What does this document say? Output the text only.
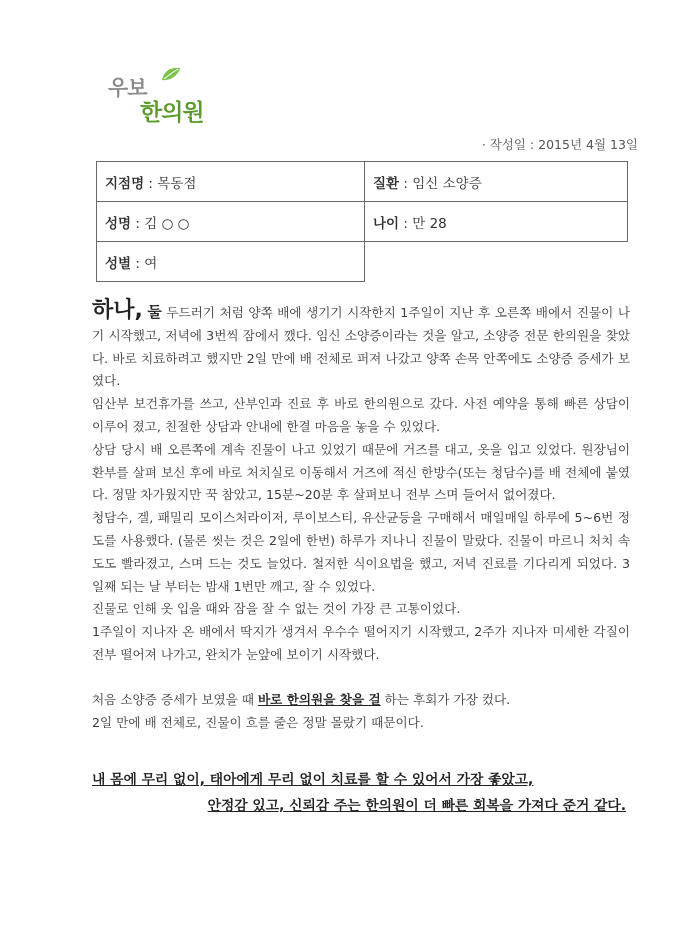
우보
한의원
· 작성일 : 2015년 4월 13일
지점명 : 목동점	질환 : 임신 소양증
성명 : 김 ○ ○	나이 : 만 28
성별 : 여	

하나, 둘 두드러기 처럼 양쪽 배에 생기기 시작한지 1주일이 지난 후 오른쪽 배에서 진물이 나기 시작했고, 저녁에 3번씩 잠에서 깼다. 임신 소양증이라는 것을 알고, 소양증 전문 한의원을 찾았다. 바로 치료하려고 했지만 2일 만에 배 전체로 퍼져 나갔고 양쪽 손목 안쪽에도 소양증 증세가 보였다.

임산부 보건휴가를 쓰고, 산부인과 진료 후 바로 한의원으로 갔다. 사전 예약을 통해 빠른 상담이 이루어 졌고, 친절한 상담과 안내에 한결 마음을 놓을 수 있었다.

상담 당시 배 오른쪽에 계속 진물이 나고 있었기 때문에 거즈를 대고, 옷을 입고 있었다. 원장님이 환부를 살펴 보신 후에 바로 처치실로 이동해서 거즈에 적신 한방수(또는 청담수)를 배 전체에 붙였다. 정말 차가웠지만 꾹 참았고, 15분~20분 후 살펴보니 전부 스며 들어서 없어졌다.

청담수, 겔, 패밀리 모이스처라이저, 루이보스티, 유산균등을 구매해서 매일매일 하루에 5~6번 정도를 사용했다. (물론 씻는 것은 2일에 한번) 하루가 지나니 진물이 말랐다. 진물이 마르니 처치 속도도 빨라졌고, 스며 드는 것도 늘었다. 철저한 식이요법을 했고, 저녁 진료를 기다리게 되었다. 3일째 되는 날 부터는 밤새 1번만 깨고, 잘 수 있었다.

진물로 인해 옷 입을 때와 잠을 잘 수 없는 것이 가장 큰 고통이었다.

1주일이 지나자 온 배에서 딱지가 생겨서 우수수 떨어지기 시작했고, 2주가 지나자 미세한 각질이 전부 떨어져 나가고, 완치가 눈앞에 보이기 시작했다.

처음 소양증 증세가 보였을 때 바로 한의원을 찾을 걸 하는 후회가 가장 컸다.

2일 만에 배 전체로, 진물이 흐를 줄은 정말 몰랐기 때문이다.

내 몸에 무리 없이, 태아에게 무리 없이 치료를 할 수 있어서 가장 좋았고,
안정감 있고, 신뢰감 주는 한의원이 더 빠른 회복을 가져다 준거 같다.
